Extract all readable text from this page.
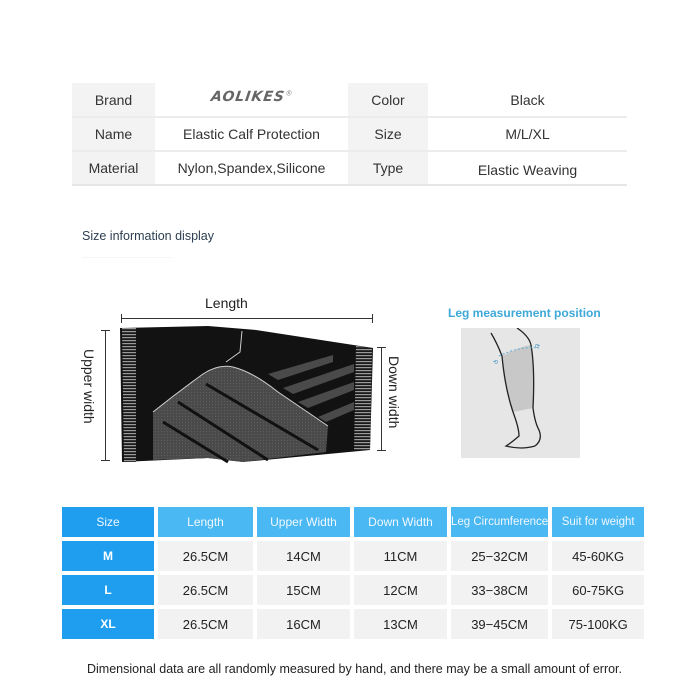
Brand	AOLIKES®	Color	Black
Name	Elastic Calf Protection	Size	M/L/XL
Material	Nylon,Spandex,Silicone	Type	Elastic Weaving
Size information display
Length
Upper width	Down width
Leg measurement position
⟲
⟳
Size	Length	Upper Width	Down Width	Leg Circumference	Suit for weight
M	26.5CM	14CM	11CM	25−32CM	45-60KG
L	26.5CM	15CM	12CM	33−38CM	60-75KG
XL	26.5CM	16CM	13CM	39−45CM	75-100KG
Dimensional data are all randomly measured by hand, and there may be a small amount of error.
